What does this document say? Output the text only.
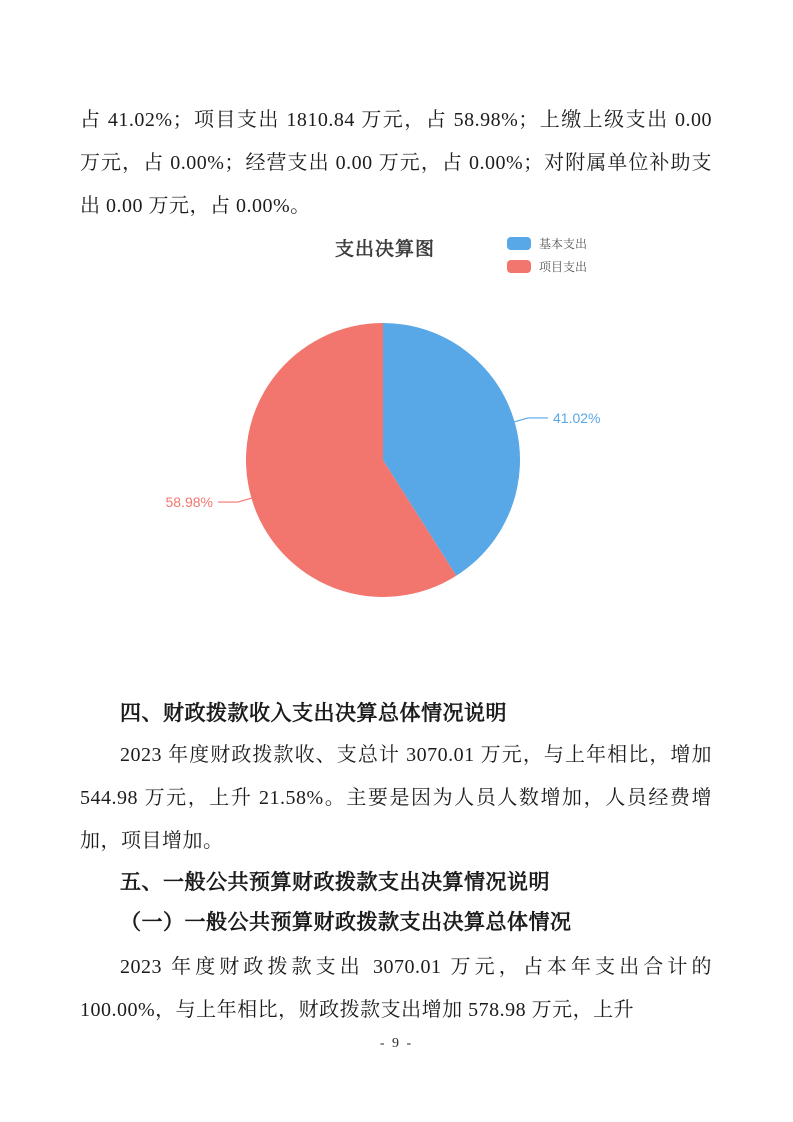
占 41.02%；项目支出 1810.84 万元，占 58.98%；上缴上级支出 0.00 万元，占 0.00%；经营支出 0.00 万元，占 0.00%；对附属单位补助支出 0.00 万元，占 0.00%。
支出决算图	基本支出
项目支出
41.02%
58.98%
四、财政拨款收入支出决算总体情况说明
2023 年度财政拨款收、支总计 3070.01 万元，与上年相比，增加 544.98 万元，上升 21.58%。主要是因为人员人数增加，人员经费增加，项目增加。
五、一般公共预算财政拨款支出决算情况说明
（一）一般公共预算财政拨款支出决算总体情况
2023 年度财政拨款支出 3070.01 万元，占本年支出合计的 100.00%，与上年相比，财政拨款支出增加 578.98 万元，上升
- 9 -
